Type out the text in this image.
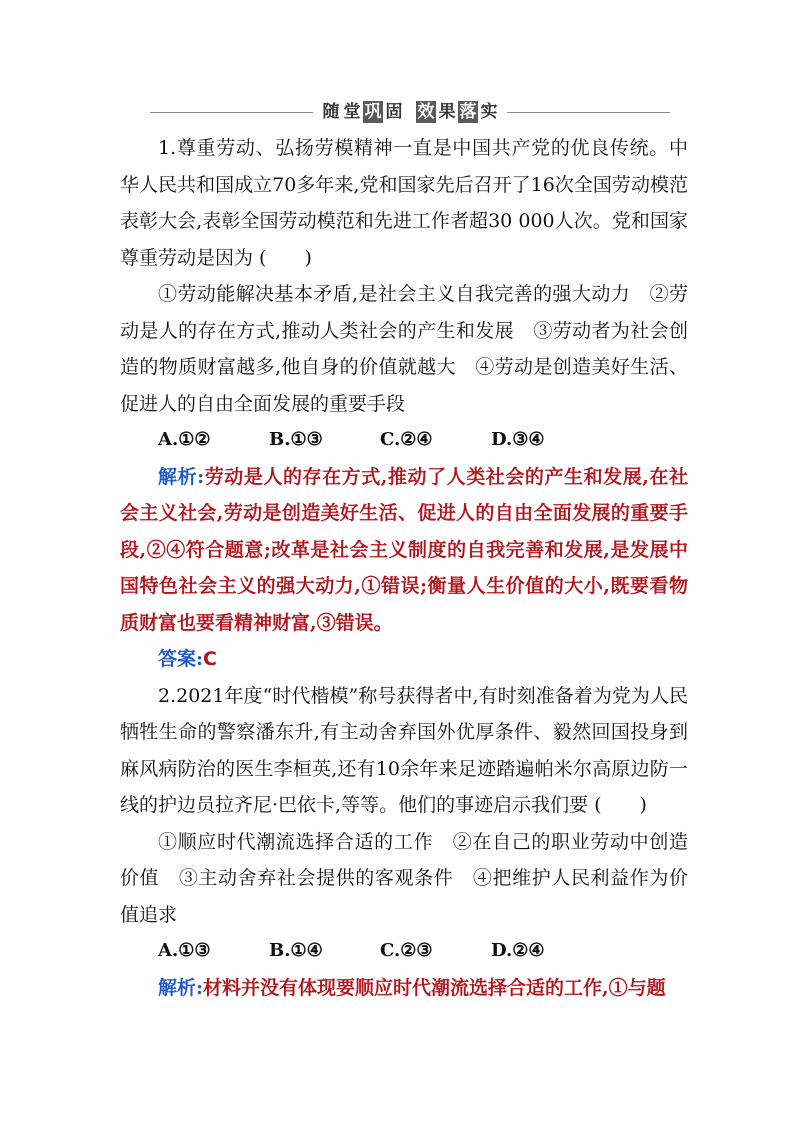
随 堂 巩 固 效 果 落 实

1.尊重劳动、弘扬劳模精神一直是中国共产党的优良传统。中华人民共和国成立70多年来,党和国家先后召开了16次全国劳动模范表彰大会,表彰全国劳动模范和先进工作者超30 000人次。党和国家尊重劳动是因为 (　　)

①劳动能解决基本矛盾,是社会主义自我完善的强大动力　②劳动是人的存在方式,推动人类社会的产生和发展　③劳动者为社会创造的物质财富越多,他自身的价值就越大　④劳动是创造美好生活、促进人的自由全面发展的重要手段

A.①②	B.①③	C.②④	D.③④

解析:劳动是人的存在方式,推动了人类社会的产生和发展,在社会主义社会,劳动是创造美好生活、促进人的自由全面发展的重要手段,②④符合题意;改革是社会主义制度的自我完善和发展,是发展中国特色社会主义的强大动力,①错误;衡量人生价值的大小,既要看物质财富也要看精神财富,③错误。

答案:C

2.2021年度“时代楷模”称号获得者中,有时刻准备着为党为人民牺牲生命的警察潘东升,有主动舍弃国外优厚条件、毅然回国投身到麻风病防治的医生李桓英,还有10余年来足迹踏遍帕米尔高原边防一线的护边员拉齐尼·巴依卡,等等。他们的事迹启示我们要 (　　)

①顺应时代潮流选择合适的工作　②在自己的职业劳动中创造价值　③主动舍弃社会提供的客观条件　④把维护人民利益作为价值追求

A.①③	B.①④	C.②③	D.②④

解析:材料并没有体现要顺应时代潮流选择合适的工作,①与题
